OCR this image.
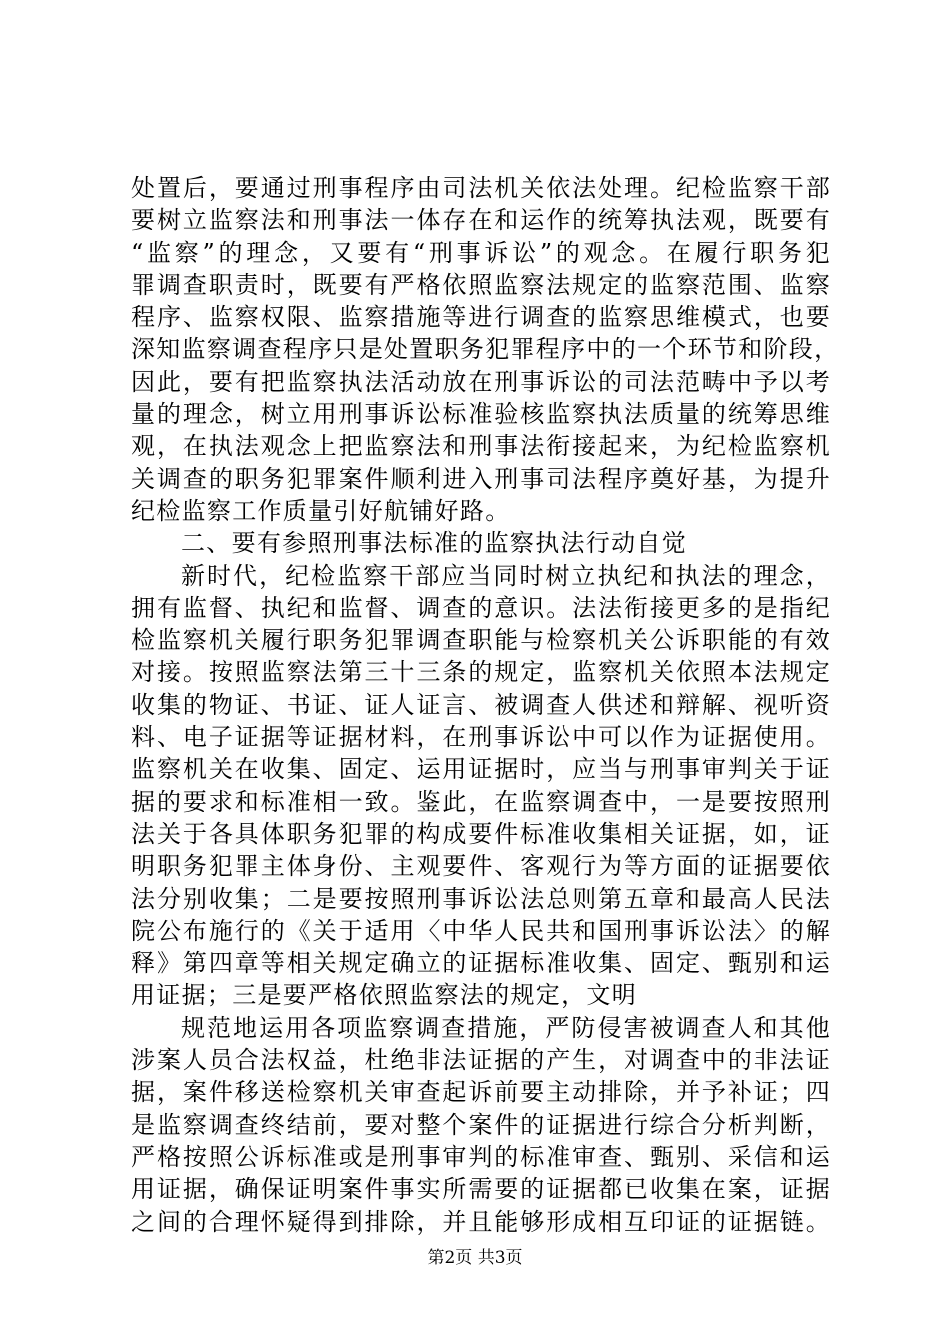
处置后，要通过刑事程序由司法机关依法处理。纪检监察干部
要树立监察法和刑事法一体存在和运作的统筹执法观，既要有
“监察”的理念，又要有“刑事诉讼”的观念。在履行职务犯
罪调查职责时，既要有严格依照监察法规定的监察范围、监察
程序、监察权限、监察措施等进行调查的监察思维模式，也要
深知监察调查程序只是处置职务犯罪程序中的一个环节和阶段，
因此，要有把监察执法活动放在刑事诉讼的司法范畴中予以考
量的理念，树立用刑事诉讼标准验核监察执法质量的统筹思维
观，在执法观念上把监察法和刑事法衔接起来，为纪检监察机
关调查的职务犯罪案件顺利进入刑事司法程序奠好基，为提升
纪检监察工作质量引好航铺好路。
二、要有参照刑事法标准的监察执法行动自觉
新时代，纪检监察干部应当同时树立执纪和执法的理念，
拥有监督、执纪和监督、调查的意识。法法衔接更多的是指纪
检监察机关履行职务犯罪调查职能与检察机关公诉职能的有效
对接。按照监察法第三十三条的规定，监察机关依照本法规定
收集的物证、书证、证人证言、被调查人供述和辩解、视听资
料、电子证据等证据材料，在刑事诉讼中可以作为证据使用。
监察机关在收集、固定、运用证据时，应当与刑事审判关于证
据的要求和标准相一致。鉴此，在监察调查中，一是要按照刑
法关于各具体职务犯罪的构成要件标准收集相关证据，如，证
明职务犯罪主体身份、主观要件、客观行为等方面的证据要依
法分别收集；二是要按照刑事诉讼法总则第五章和最高人民法
院公布施行的《关于适用〈中华人民共和国刑事诉讼法〉的解
释》第四章等相关规定确立的证据标准收集、固定、甄别和运
用证据；三是要严格依照监察法的规定，文明
规范地运用各项监察调查措施，严防侵害被调查人和其他
涉案人员合法权益，杜绝非法证据的产生，对调查中的非法证
据，案件移送检察机关审查起诉前要主动排除，并予补证；四
是监察调查终结前，要对整个案件的证据进行综合分析判断，
严格按照公诉标准或是刑事审判的标准审查、甄别、采信和运
用证据，确保证明案件事实所需要的证据都已收集在案，证据
之间的合理怀疑得到排除，并且能够形成相互印证的证据链。
第2页 共3页
